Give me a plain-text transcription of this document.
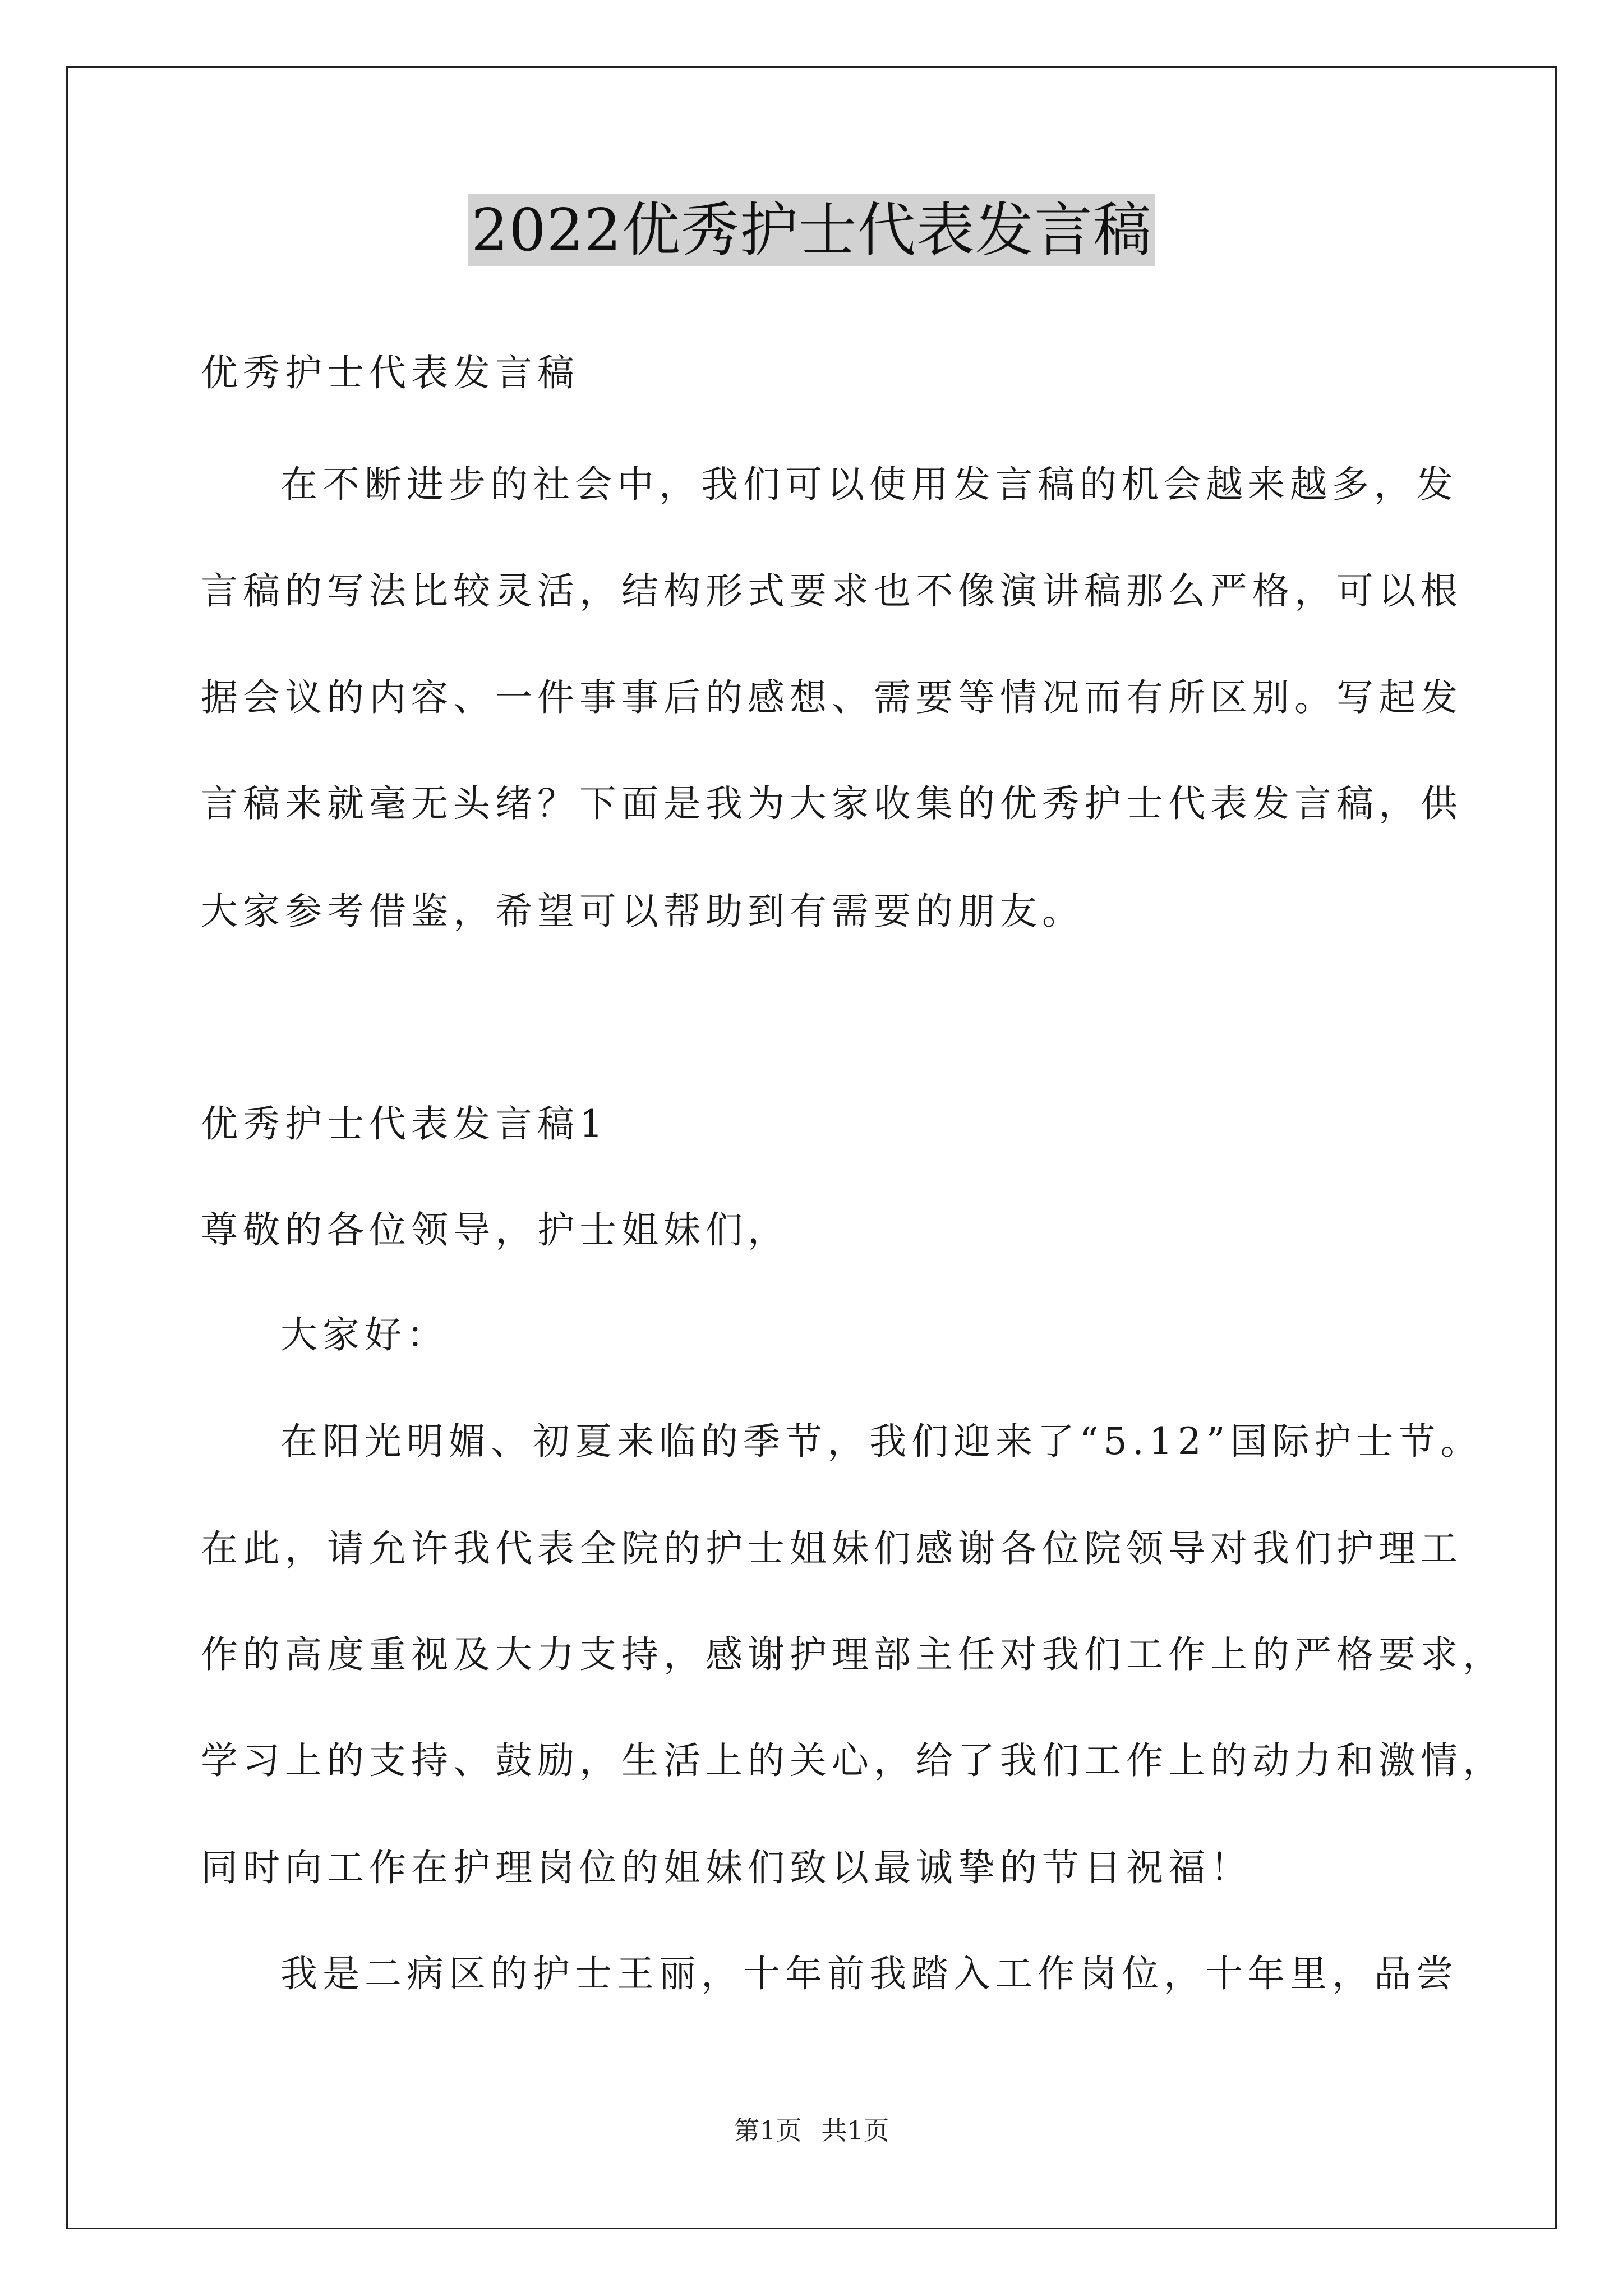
2022优秀护士代表发言稿
优秀护士代表发言稿
在不断进步的社会中，我们可以使用发言稿的机会越来越多，发
言稿的写法比较灵活，结构形式要求也不像演讲稿那么严格，可以根
据会议的内容、一件事事后的感想、需要等情况而有所区别。写起发
言稿来就毫无头绪？下面是我为大家收集的优秀护士代表发言稿，供
大家参考借鉴，希望可以帮助到有需要的朋友。
优秀护士代表发言稿1
尊敬的各位领导，护士姐妹们，
大家好：
在阳光明媚、初夏来临的季节，我们迎来了“5.12”国际护士节。
在此，请允许我代表全院的护士姐妹们感谢各位院领导对我们护理工
作的高度重视及大力支持，感谢护理部主任对我们工作上的严格要求，
学习上的支持、鼓励，生活上的关心，给了我们工作上的动力和激情，
同时向工作在护理岗位的姐妹们致以最诚挚的节日祝福！
我是二病区的护士王丽，十年前我踏入工作岗位，十年里，品尝
第1页 共1页
